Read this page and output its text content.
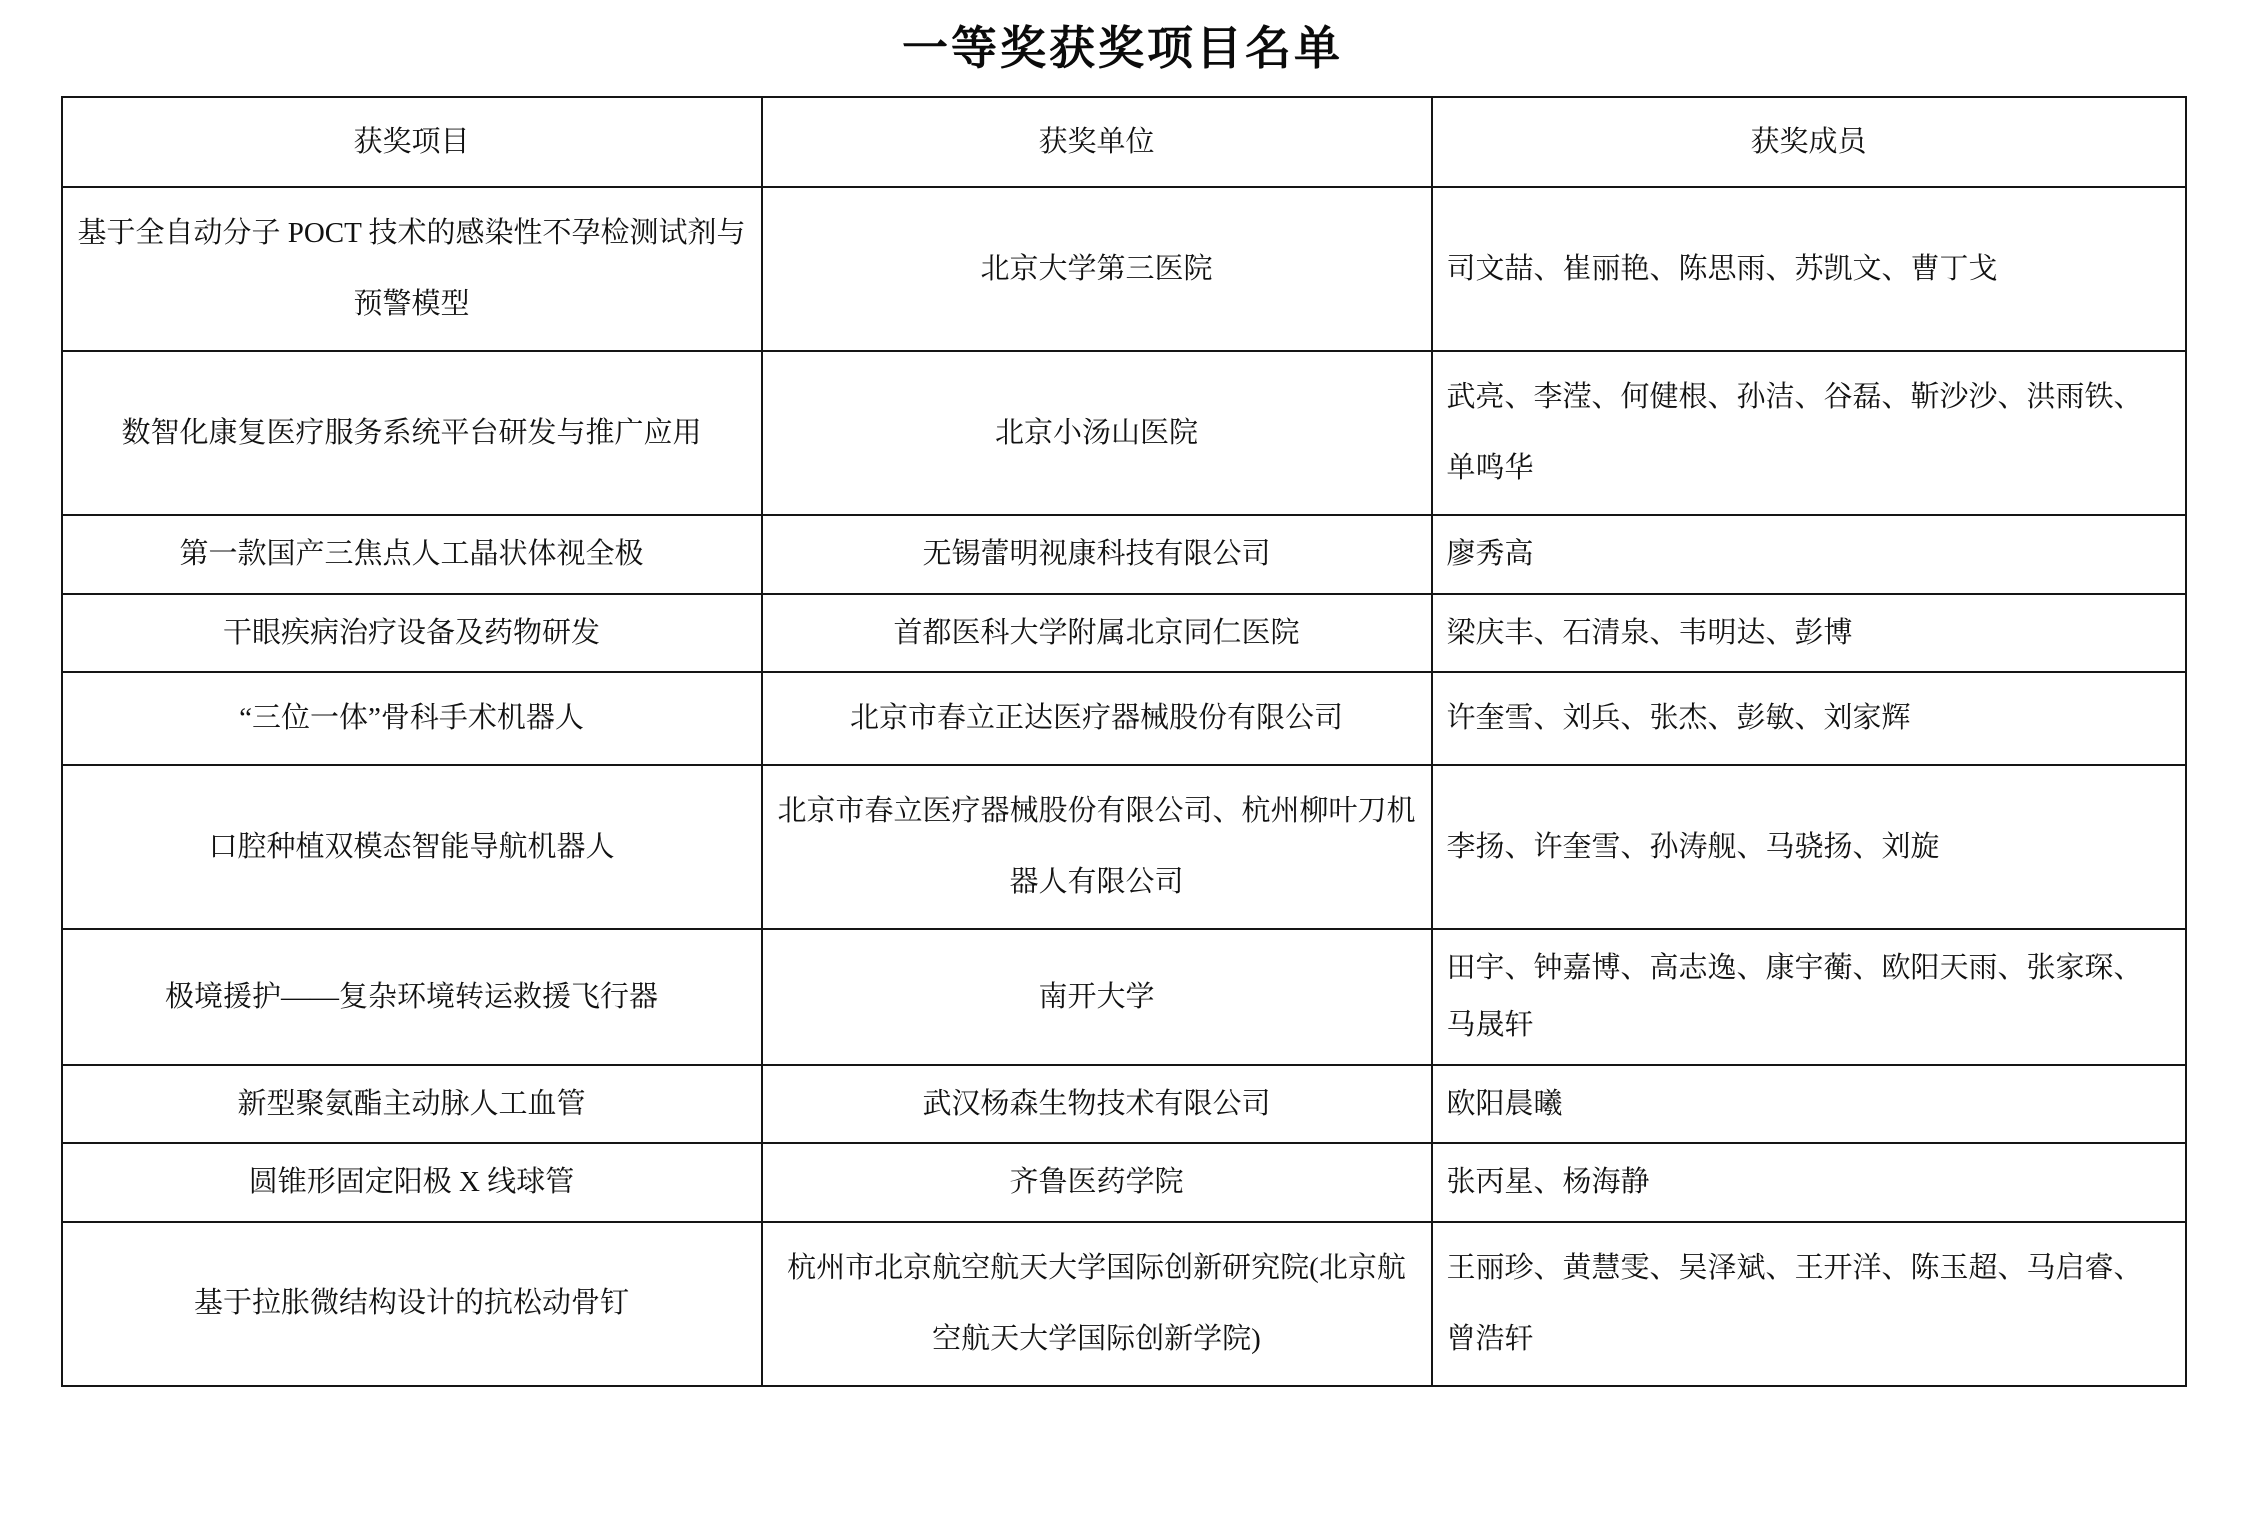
一等奖获奖项目名单
获奖项目	获奖单位	获奖成员

基于全自动分子 POCT 技术的感染性不孕检测试剂与预警模型	北京大学第三医院	司文喆、崔丽艳、陈思雨、苏凯文、曹丁戈

数智化康复医疗服务系统平台研发与推广应用	北京小汤山医院	武亮、李滢、何健根、孙洁、谷磊、靳沙沙、洪雨铁、单鸣华

第一款国产三焦点人工晶状体视全极	无锡蕾明视康科技有限公司	廖秀高

干眼疾病治疗设备及药物研发	首都医科大学附属北京同仁医院	梁庆丰、石清泉、韦明达、彭博

“三位一体”骨科手术机器人	北京市春立正达医疗器械股份有限公司	许奎雪、刘兵、张杰、彭敏、刘家辉

口腔种植双模态智能导航机器人	北京市春立医疗器械股份有限公司、杭州柳叶刀机器人有限公司	李扬、许奎雪、孙涛舰、马骁扬、刘旋

极境援护——复杂环境转运救援飞行器	南开大学	田宇、钟嘉博、高志逸、康宇蘅、欧阳天雨、张家琛、马晟轩

新型聚氨酯主动脉人工血管	武汉杨森生物技术有限公司	欧阳晨曦

圆锥形固定阳极 X 线球管	齐鲁医药学院	张丙星、杨海静

基于拉胀微结构设计的抗松动骨钉	杭州市北京航空航天大学国际创新研究院(北京航空航天大学国际创新学院)	王丽珍、黄慧雯、吴泽斌、王开洋、陈玉超、马启睿、曾浩轩
